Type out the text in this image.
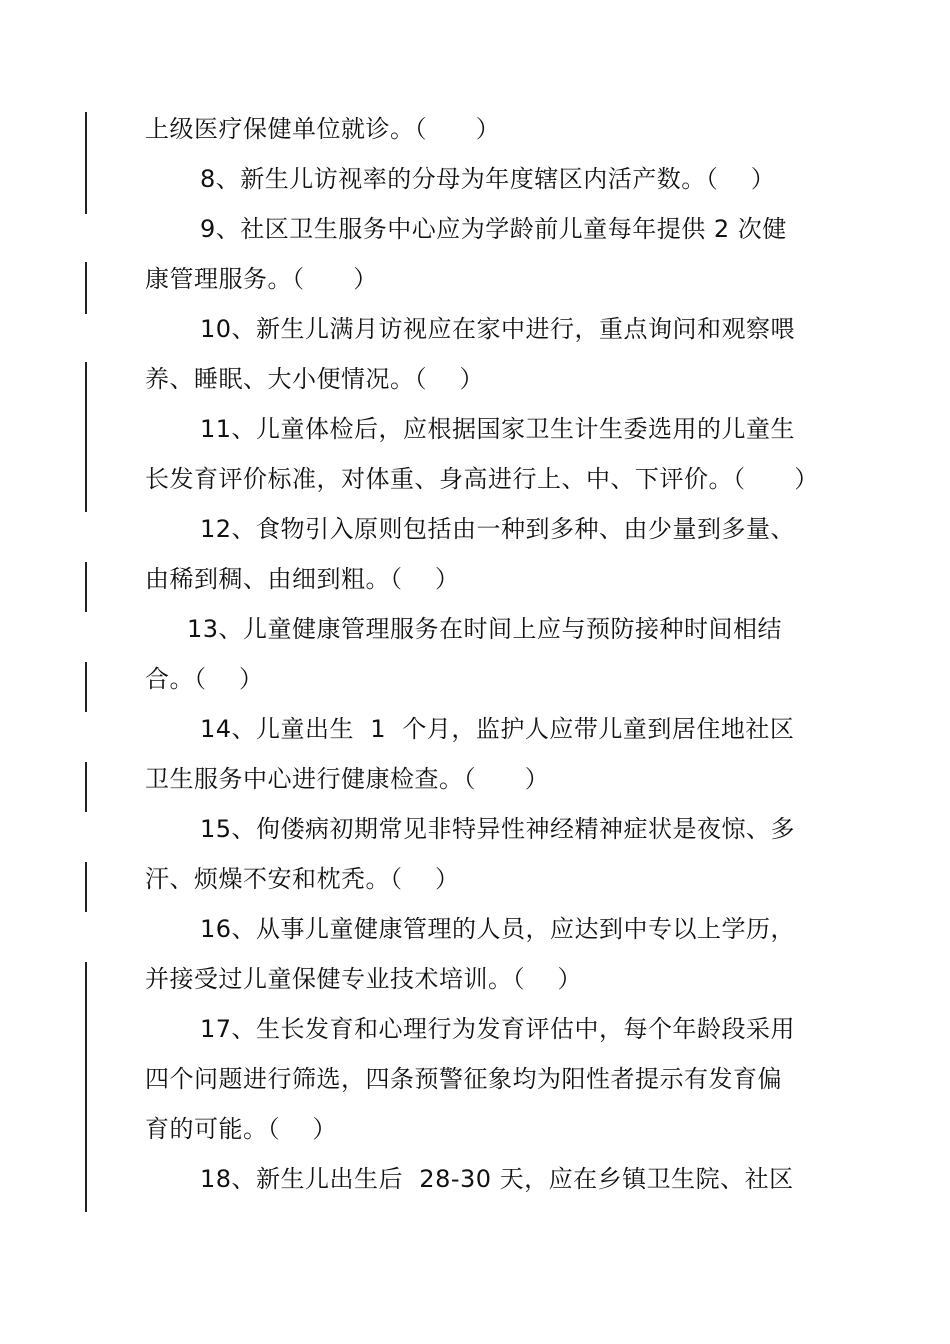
上级医疗保健单位就诊。（      ）
8、新生儿访视率的分母为年度辖区内活产数。（    ）
9、社区卫生服务中心应为学龄前儿童每年提供 2 次健
康管理服务。（      ）
10、新生儿满月访视应在家中进行，重点询问和观察喂
养、睡眠、大小便情况。（    ）
11、儿童体检后，应根据国家卫生计生委选用的儿童生
长发育评价标准，对体重、身高进行上、中、下评价。（      ）
12、食物引入原则包括由一种到多种、由少量到多量、
由稀到稠、由细到粗。（    ）
13、儿童健康管理服务在时间上应与预防接种时间相结
合。（    ）
14、儿童出生  1  个月，监护人应带儿童到居住地社区
卫生服务中心进行健康检查。（      ）
15、佝偻病初期常见非特异性神经精神症状是夜惊、多
汗、烦燥不安和枕秃。（    ）
16、从事儿童健康管理的人员，应达到中专以上学历，
并接受过儿童保健专业技术培训。（    ）
17、生长发育和心理行为发育评估中，每个年龄段采用
四个问题进行筛选，四条预警征象均为阳性者提示有发育偏
育的可能。（    ）
18、新生儿出生后  28-30 天，应在乡镇卫生院、社区
